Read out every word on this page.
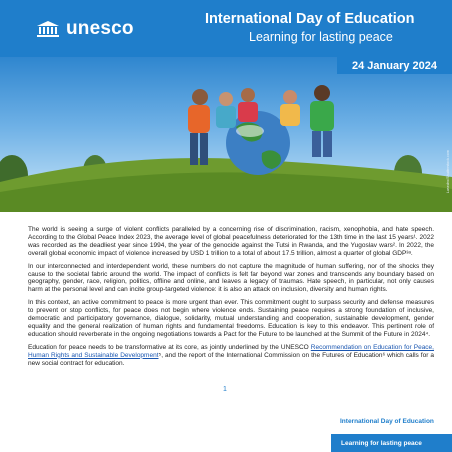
unesco	International Day of Education
Learning for lasting peace
24 January 2024
Lasedro/Shutterstock.com

The world is seeing a surge of violent conflicts paralleled by a concerning rise of discrimination, racism, xenophobia, and hate speech. According to the Global Peace Index 2023, the average level of global peacefulness deteriorated for the 13th time in the last 15 years¹. 2022 was recorded as the deadliest year since 1994, the year of the genocide against the Tutsi in Rwanda, and the Yugoslav wars². In 2022, the overall global economic impact of violence increased by USD 1 trillion to a total of about 17.5 trillion, almost a quarter of global GDP³ᵃ.

In our interconnected and interdependent world, these numbers do not capture the magnitude of human suffering, nor of the shocks they cause to the societal fabric around the world. The impact of conflicts is felt far beyond war zones and transcends any boundary based on geography, gender, race, religion, politics, offline and online, and leaves a legacy of traumas. Hate speech, in particular, not only causes harm at the personal level and can incite group-targeted violence: it is also an attack on inclusion, diversity and human rights.

In this context, an active commitment to peace is more urgent than ever. This commitment ought to surpass security and defense measures to prevent or stop conflicts, for peace does not begin where violence ends. Sustaining peace requires a strong foundation of inclusive, democratic and participatory governance, dialogue, solidarity, mutual understanding and cooperation, sustainable development, gender equality and the general realization of human rights and fundamental freedoms. Education is key to this endeavor. This pertinent role of education should reverberate in the ongoing negotiations towards a Pact for the Future to be launched at the Summit of the Future in 2024⁴.

Education for peace needs to be transformative at its core, as jointly underlined by the UNESCO Recommendation on Education for Peace, Human Rights and Sustainable Development⁵, and the report of the International Commission on the Futures of Education⁶ which calls for a new social contract for education.

1
International Day of Education
Learning for lasting peace
